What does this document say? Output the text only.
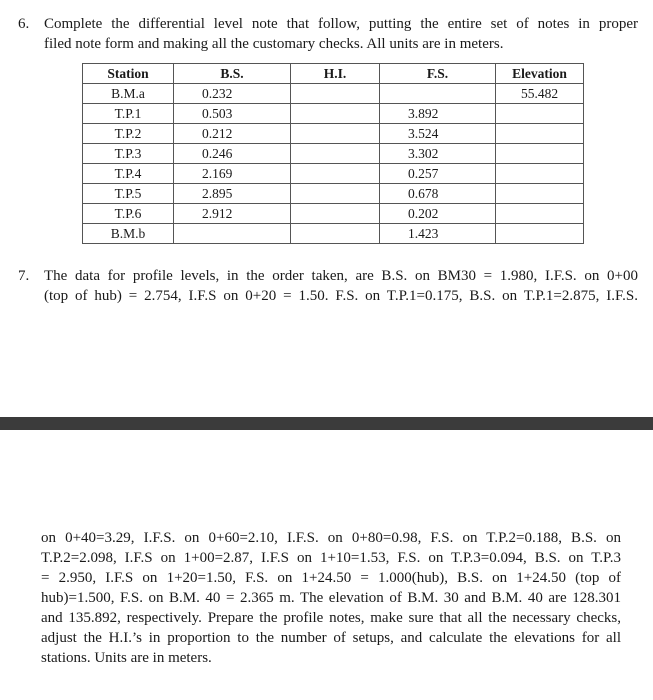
6. Complete the differential level note that follow, putting the entire set of notes in proper
filed note form and making all the customary checks. All units are in meters.
Station	B.S.	H.I.	F.S.	Elevation
B.M.a	0.232			55.482
T.P.1	0.503		3.892	
T.P.2	0.212		3.524	
T.P.3	0.246		3.302	
T.P.4	2.169		0.257	
T.P.5	2.895		0.678	
T.P.6	2.912		0.202	
B.M.b			1.423	
7. The data for profile levels, in the order taken, are B.S. on BM30 = 1.980, I.F.S. on 0+00
(top of hub) = 2.754, I.F.S on 0+20 = 1.50. F.S. on T.P.1=0.175, B.S. on T.P.1=2.875, I.F.S.
on 0+40=3.29, I.F.S. on 0+60=2.10, I.F.S. on 0+80=0.98, F.S. on T.P.2=0.188, B.S. on
T.P.2=2.098, I.F.S on 1+00=2.87, I.F.S on 1+10=1.53, F.S. on T.P.3=0.094, B.S. on T.P.3
= 2.950, I.F.S on 1+20=1.50, F.S. on 1+24.50 = 1.000(hub), B.S. on 1+24.50 (top of
hub)=1.500, F.S. on B.M. 40 = 2.365 m. The elevation of B.M. 30 and B.M. 40 are 128.301
and 135.892, respectively. Prepare the profile notes, make sure that all the necessary checks,
adjust the H.I.’s in proportion to the number of setups, and calculate the elevations for all
stations. Units are in meters.
